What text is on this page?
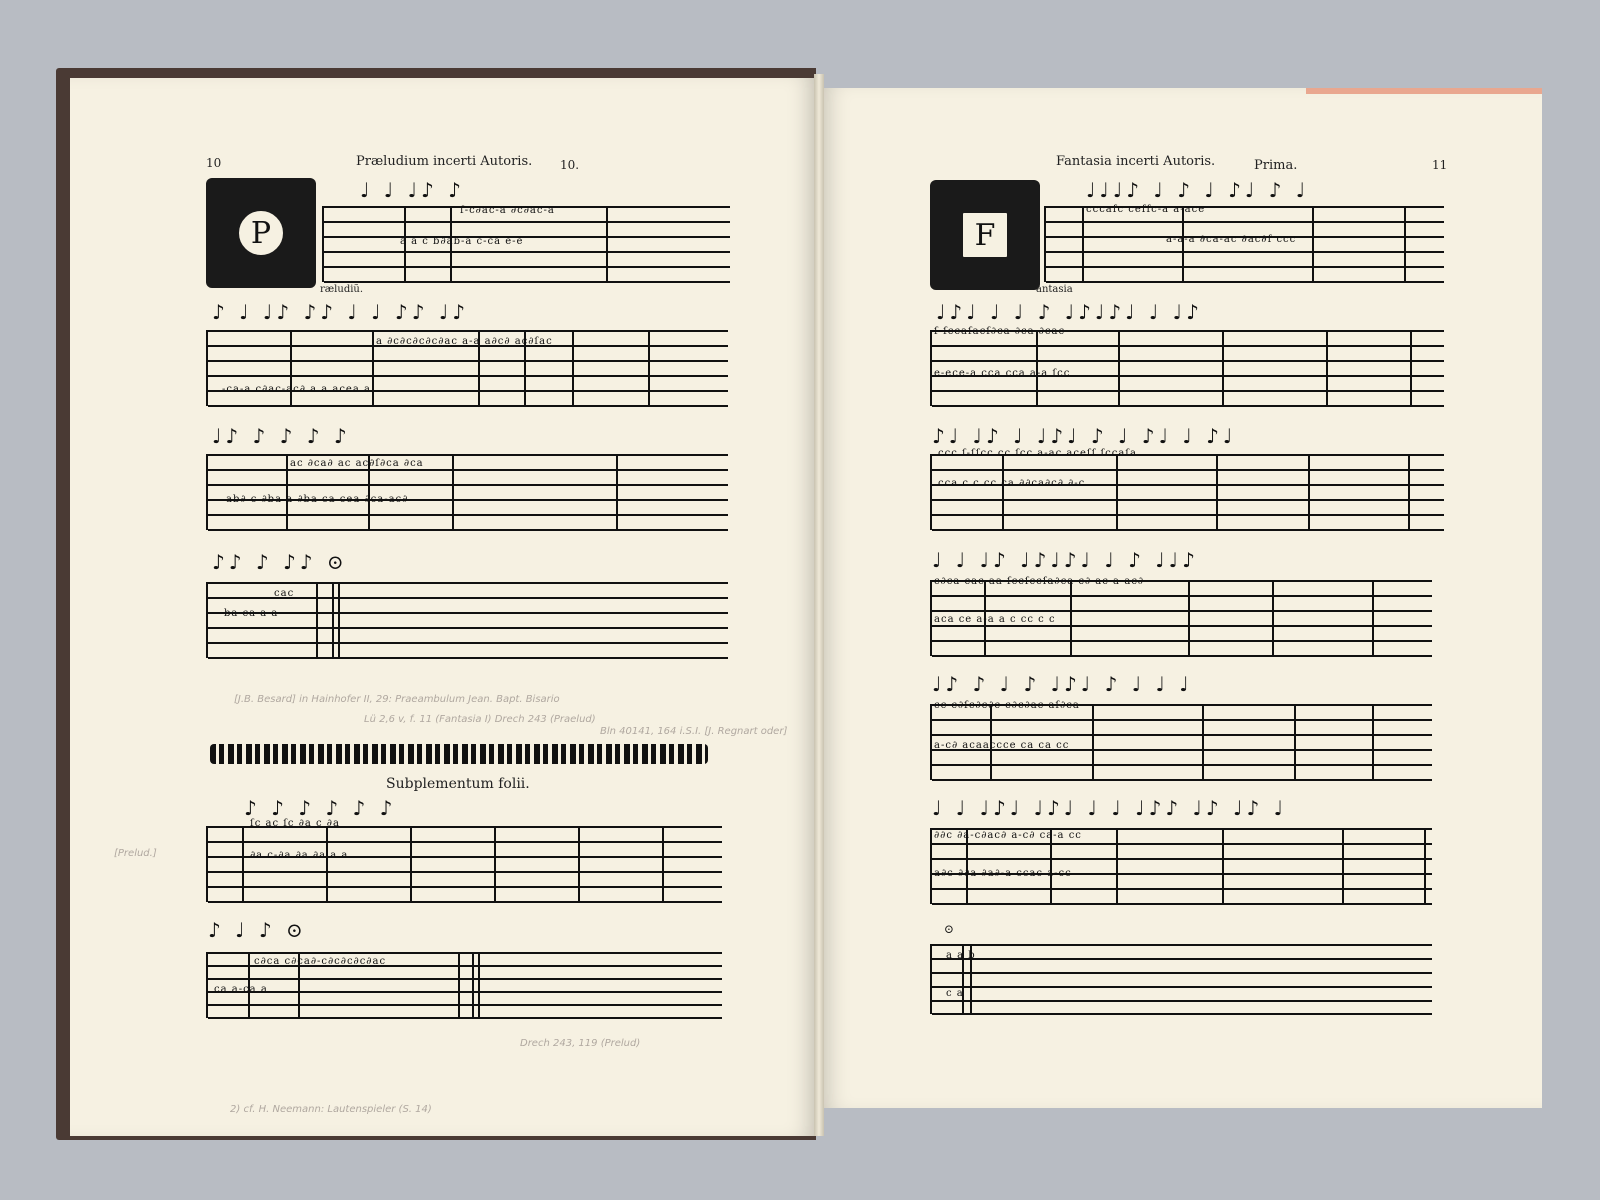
10	Præludium incerti Autoris. 10.
P
ræludiũ.
♩ ♩ ♩♪ ♪
ſ-c∂ac-a ∂c∂ac-a
a a c b∂ab-a c-ca e-e
♪ ♩ ♩♪ ♪♪ ♩ ♩ ♪♪ ♩♪
a ∂c∂c∂c∂c∂ac a-a a∂c∂ ac∂ſac
-ca-a c∂ac-ac∂ a a acea a
♩♪ ♪ ♪ ♪ ♪
ac ∂ca∂ ac ac∂ſ∂ca ∂ca
ab∂ c ∂ba a ∂ba ca cea ∂ca-ac∂
♪♪ ♪ ♪♪ ⊙
cac
ba ca a a
[J.B. Besard] in Hainhofer II, 29: Praeambulum Jean. Bapt. Bisario
Lü 2,6 v, f. 11 (Fantasia I) Drech 243 (Praelud)
Bln 40141, 164 i.S.I. [J. Regnart oder]
[Prelud.]
Drech 243, 119 (Prelud)
2) cf. H. Neemann: Lautenspieler (S. 14)
Subplementum folii.
♪ ♪ ♪ ♪ ♪ ♪
ſc ac ſc ∂a c ∂a
∂a c-∂a ∂a ∂a a a
♪ ♩ ♪ ⊙
c∂ca c∂ca∂-c∂c∂c∂c∂ac
ca a-ca a
Fantasia incerti Autoris.	Prima.	11
F
antasia
♩♩♩♪ ♩ ♪ ♩ ♪♩ ♪ ♩
cccaſc ceſſc-a a-ace
a-a-a ∂ca-ac ∂ac∂ſ ccc
♩♪♩ ♩ ♩ ♪ ♩♪♩♪♩ ♩ ♩♪
ſ-ſccaſacſ∂ca ∂ca ∂cac
e-ece-a cca cca a-a ſcc
♪♩ ♩♪ ♩ ♩♪♩ ♪ ♩ ♪♩ ♩ ♪♩
ccc ſ-ſſcc cc ſcc a-ac aceſſ ſccaſa
cca c c cc ca ∂∂ca∂c∂ ∂-c
♩ ♩ ♩♪ ♩♪♩♪♩ ♩ ♪ ♩♩♪
c∂ca cac aa ſccſccſa∂ca c∂ ac a-ac∂
aca ce a-a a c cc c c
♩♪ ♪ ♩ ♪ ♩♪♩ ♪ ♩ ♩ ♩
cc c∂ſc∂c∂c c∂c∂ac aſ∂ca
a-c∂ acaaccce ca ca cc
♩ ♩ ♩♪♩ ♩♪♩ ♩ ♩ ♩♪♪ ♩♪ ♩♪ ♩
∂∂c ∂a-c∂ac∂ a-c∂ ca-a cc
a∂c ∂∂a ∂a∂-a ccac a-cc
⊙
a a b
c a
